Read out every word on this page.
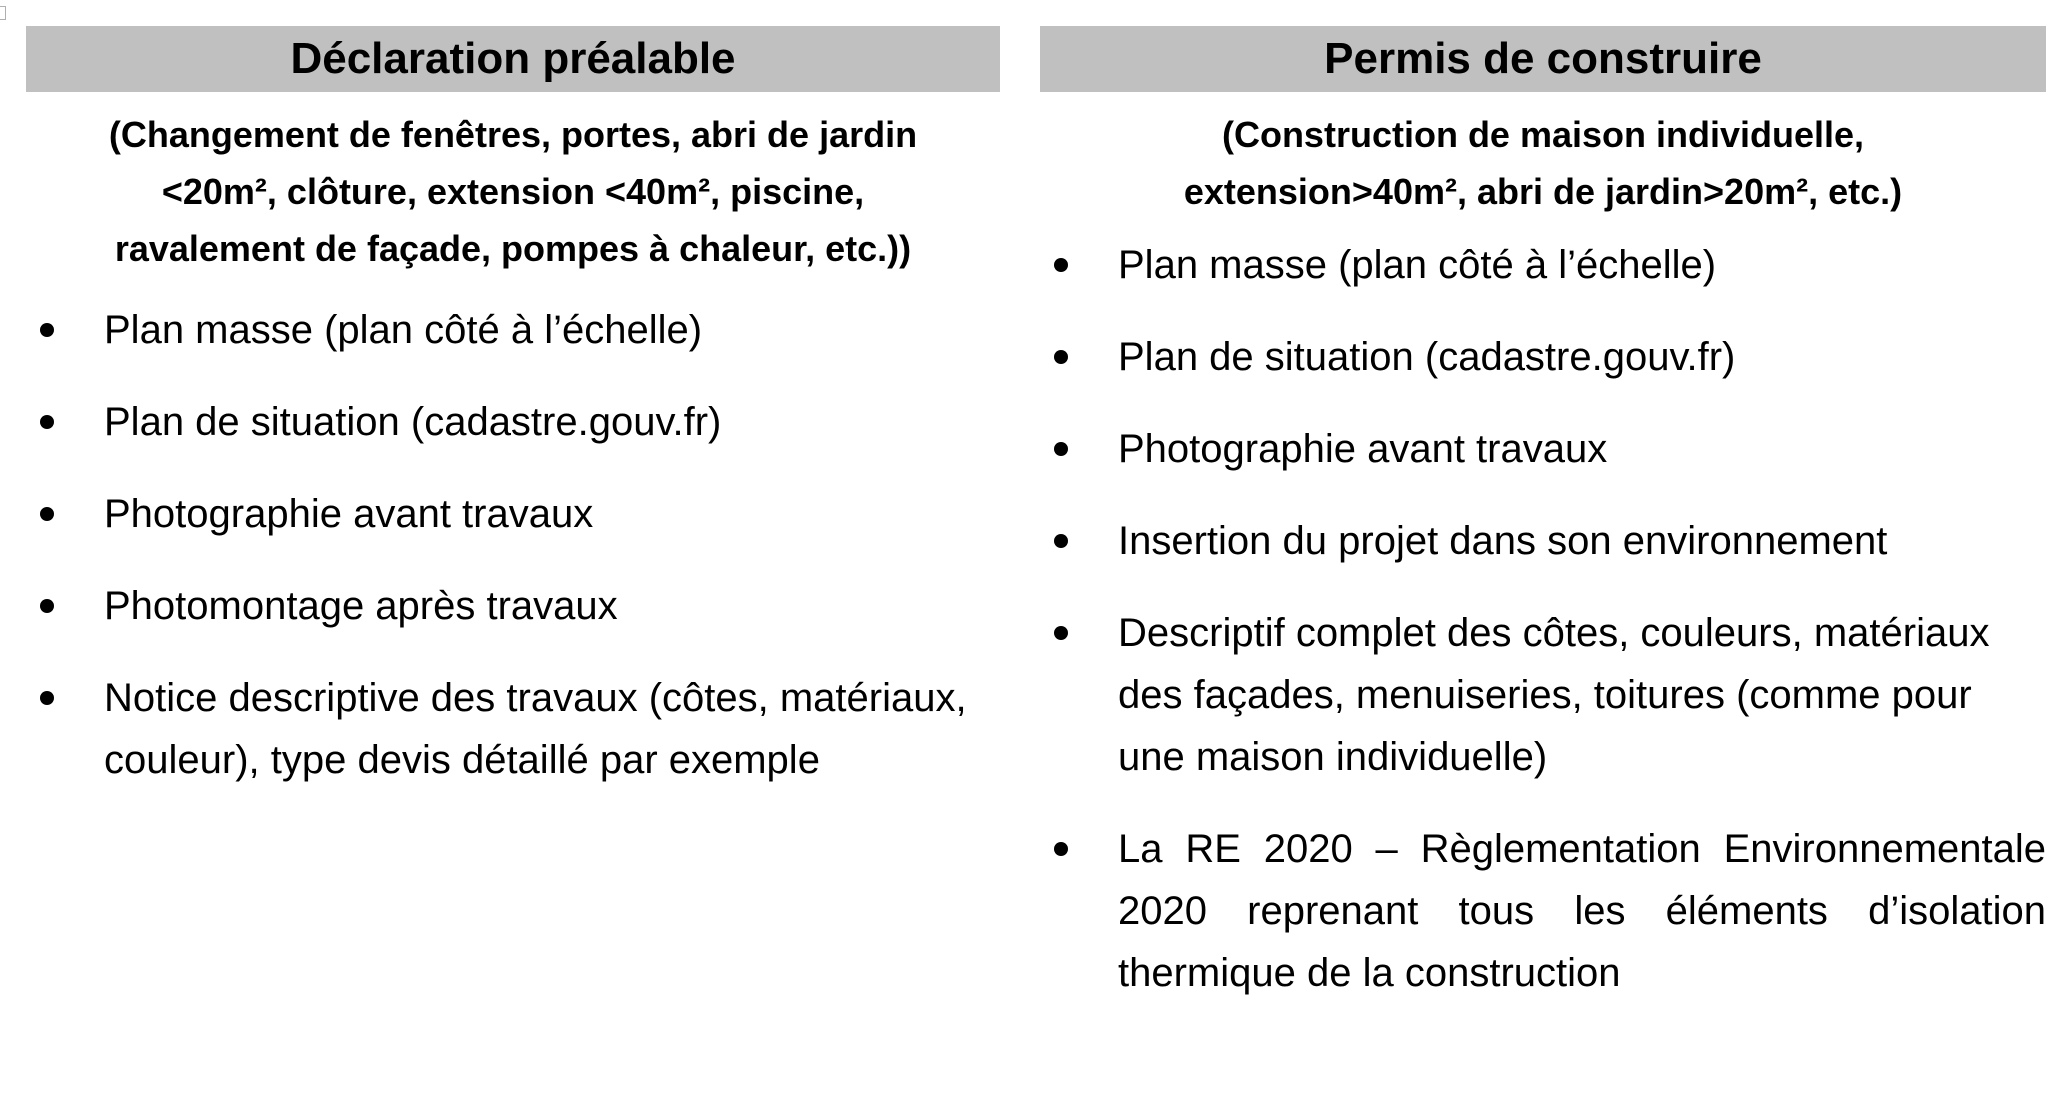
Déclaration préalable
(Changement de fenêtres, portes, abri de jardin
<20m², clôture, extension <40m², piscine,
ravalement de façade, pompes à chaleur, etc.))
Plan masse (plan côté à l’échelle)
Plan de situation (cadastre.gouv.fr)
Photographie avant travaux
Photomontage après travaux
Notice descriptive des travaux (côtes, matériaux, couleur), type devis détaillé par exemple
Permis de construire
(Construction de maison individuelle,
extension>40m², abri de jardin>20m², etc.)
Plan masse (plan côté à l’échelle)
Plan de situation (cadastre.gouv.fr)
Photographie avant travaux
Insertion du projet dans son environnement
Descriptif complet des côtes, couleurs, matériaux des façades, menuiseries, toitures (comme pour une maison individuelle)
La RE 2020 – Règlementation Environnementale 2020 reprenant tous les éléments d’isolation thermique de la construction
